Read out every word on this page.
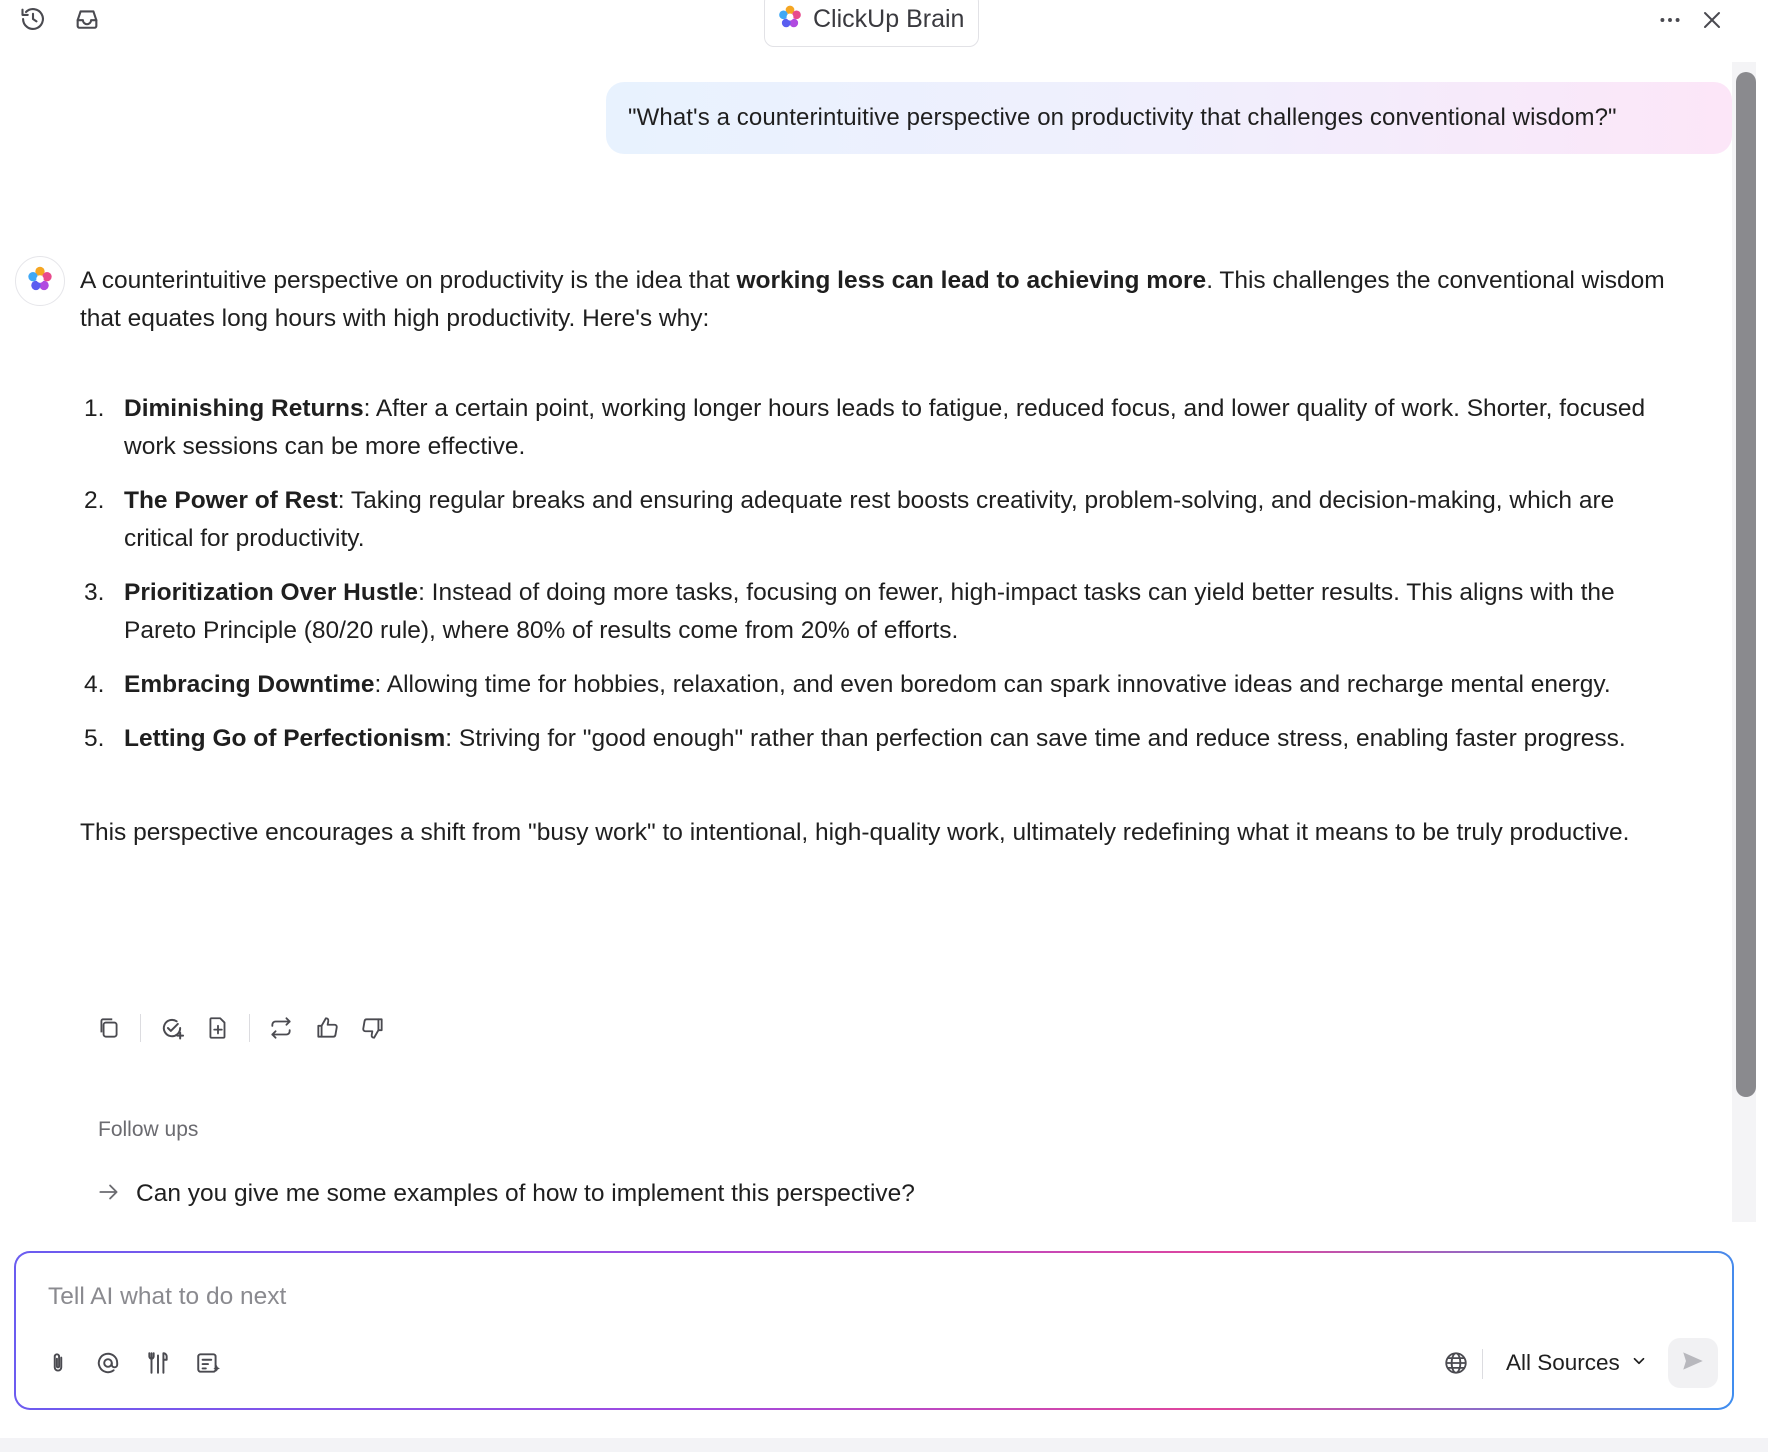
ClickUp Brain
"What's a counterintuitive perspective on productivity that challenges conventional wisdom?"

A counterintuitive perspective on productivity is the idea that working less can lead to achieving more. This challenges the conventional wisdom that equates long hours with high productivity. Here's why:

1. Diminishing Returns: After a certain point, working longer hours leads to fatigue, reduced focus, and lower quality of work. Shorter, focused work sessions can be more effective.
2. The Power of Rest: Taking regular breaks and ensuring adequate rest boosts creativity, problem-solving, and decision-making, which are critical for productivity.
3. Prioritization Over Hustle: Instead of doing more tasks, focusing on fewer, high-impact tasks can yield better results. This aligns with the Pareto Principle (80/20 rule), where 80% of results come from 20% of efforts.
4. Embracing Downtime: Allowing time for hobbies, relaxation, and even boredom can spark innovative ideas and recharge mental energy.
5. Letting Go of Perfectionism: Striving for "good enough" rather than perfection can save time and reduce stress, enabling faster progress.

This perspective encourages a shift from "busy work" to intentional, high-quality work, ultimately redefining what it means to be truly productive.

Follow ups
Can you give me some examples of how to implement this perspective?
Tell AI what to do next
All Sources
